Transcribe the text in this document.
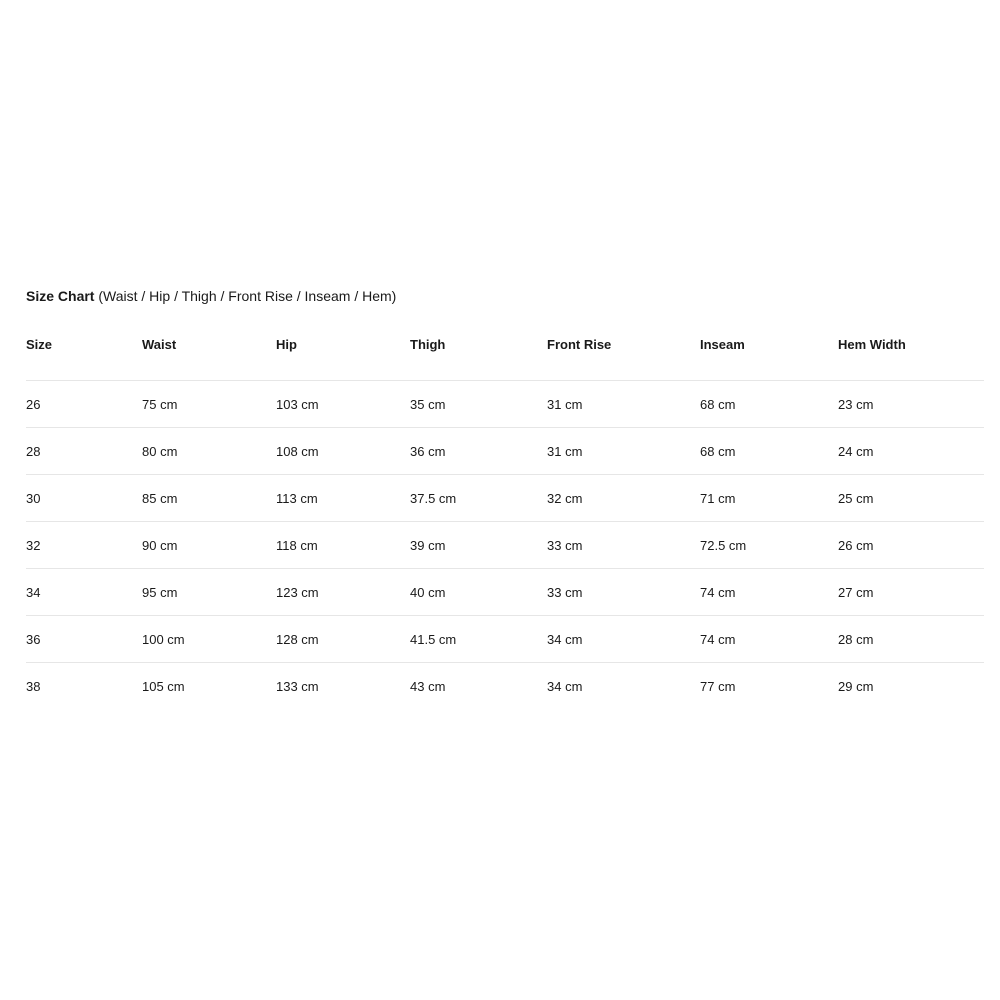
Size Chart (Waist / Hip / Thigh / Front Rise / Inseam / Hem)
Size	Waist	Hip	Thigh	Front Rise	Inseam	Hem Width
26	75 cm	103 cm	35 cm	31 cm	68 cm	23 cm
28	80 cm	108 cm	36 cm	31 cm	68 cm	24 cm
30	85 cm	113 cm	37.5 cm	32 cm	71 cm	25 cm
32	90 cm	118 cm	39 cm	33 cm	72.5 cm	26 cm
34	95 cm	123 cm	40 cm	33 cm	74 cm	27 cm
36	100 cm	128 cm	41.5 cm	34 cm	74 cm	28 cm
38	105 cm	133 cm	43 cm	34 cm	77 cm	29 cm
